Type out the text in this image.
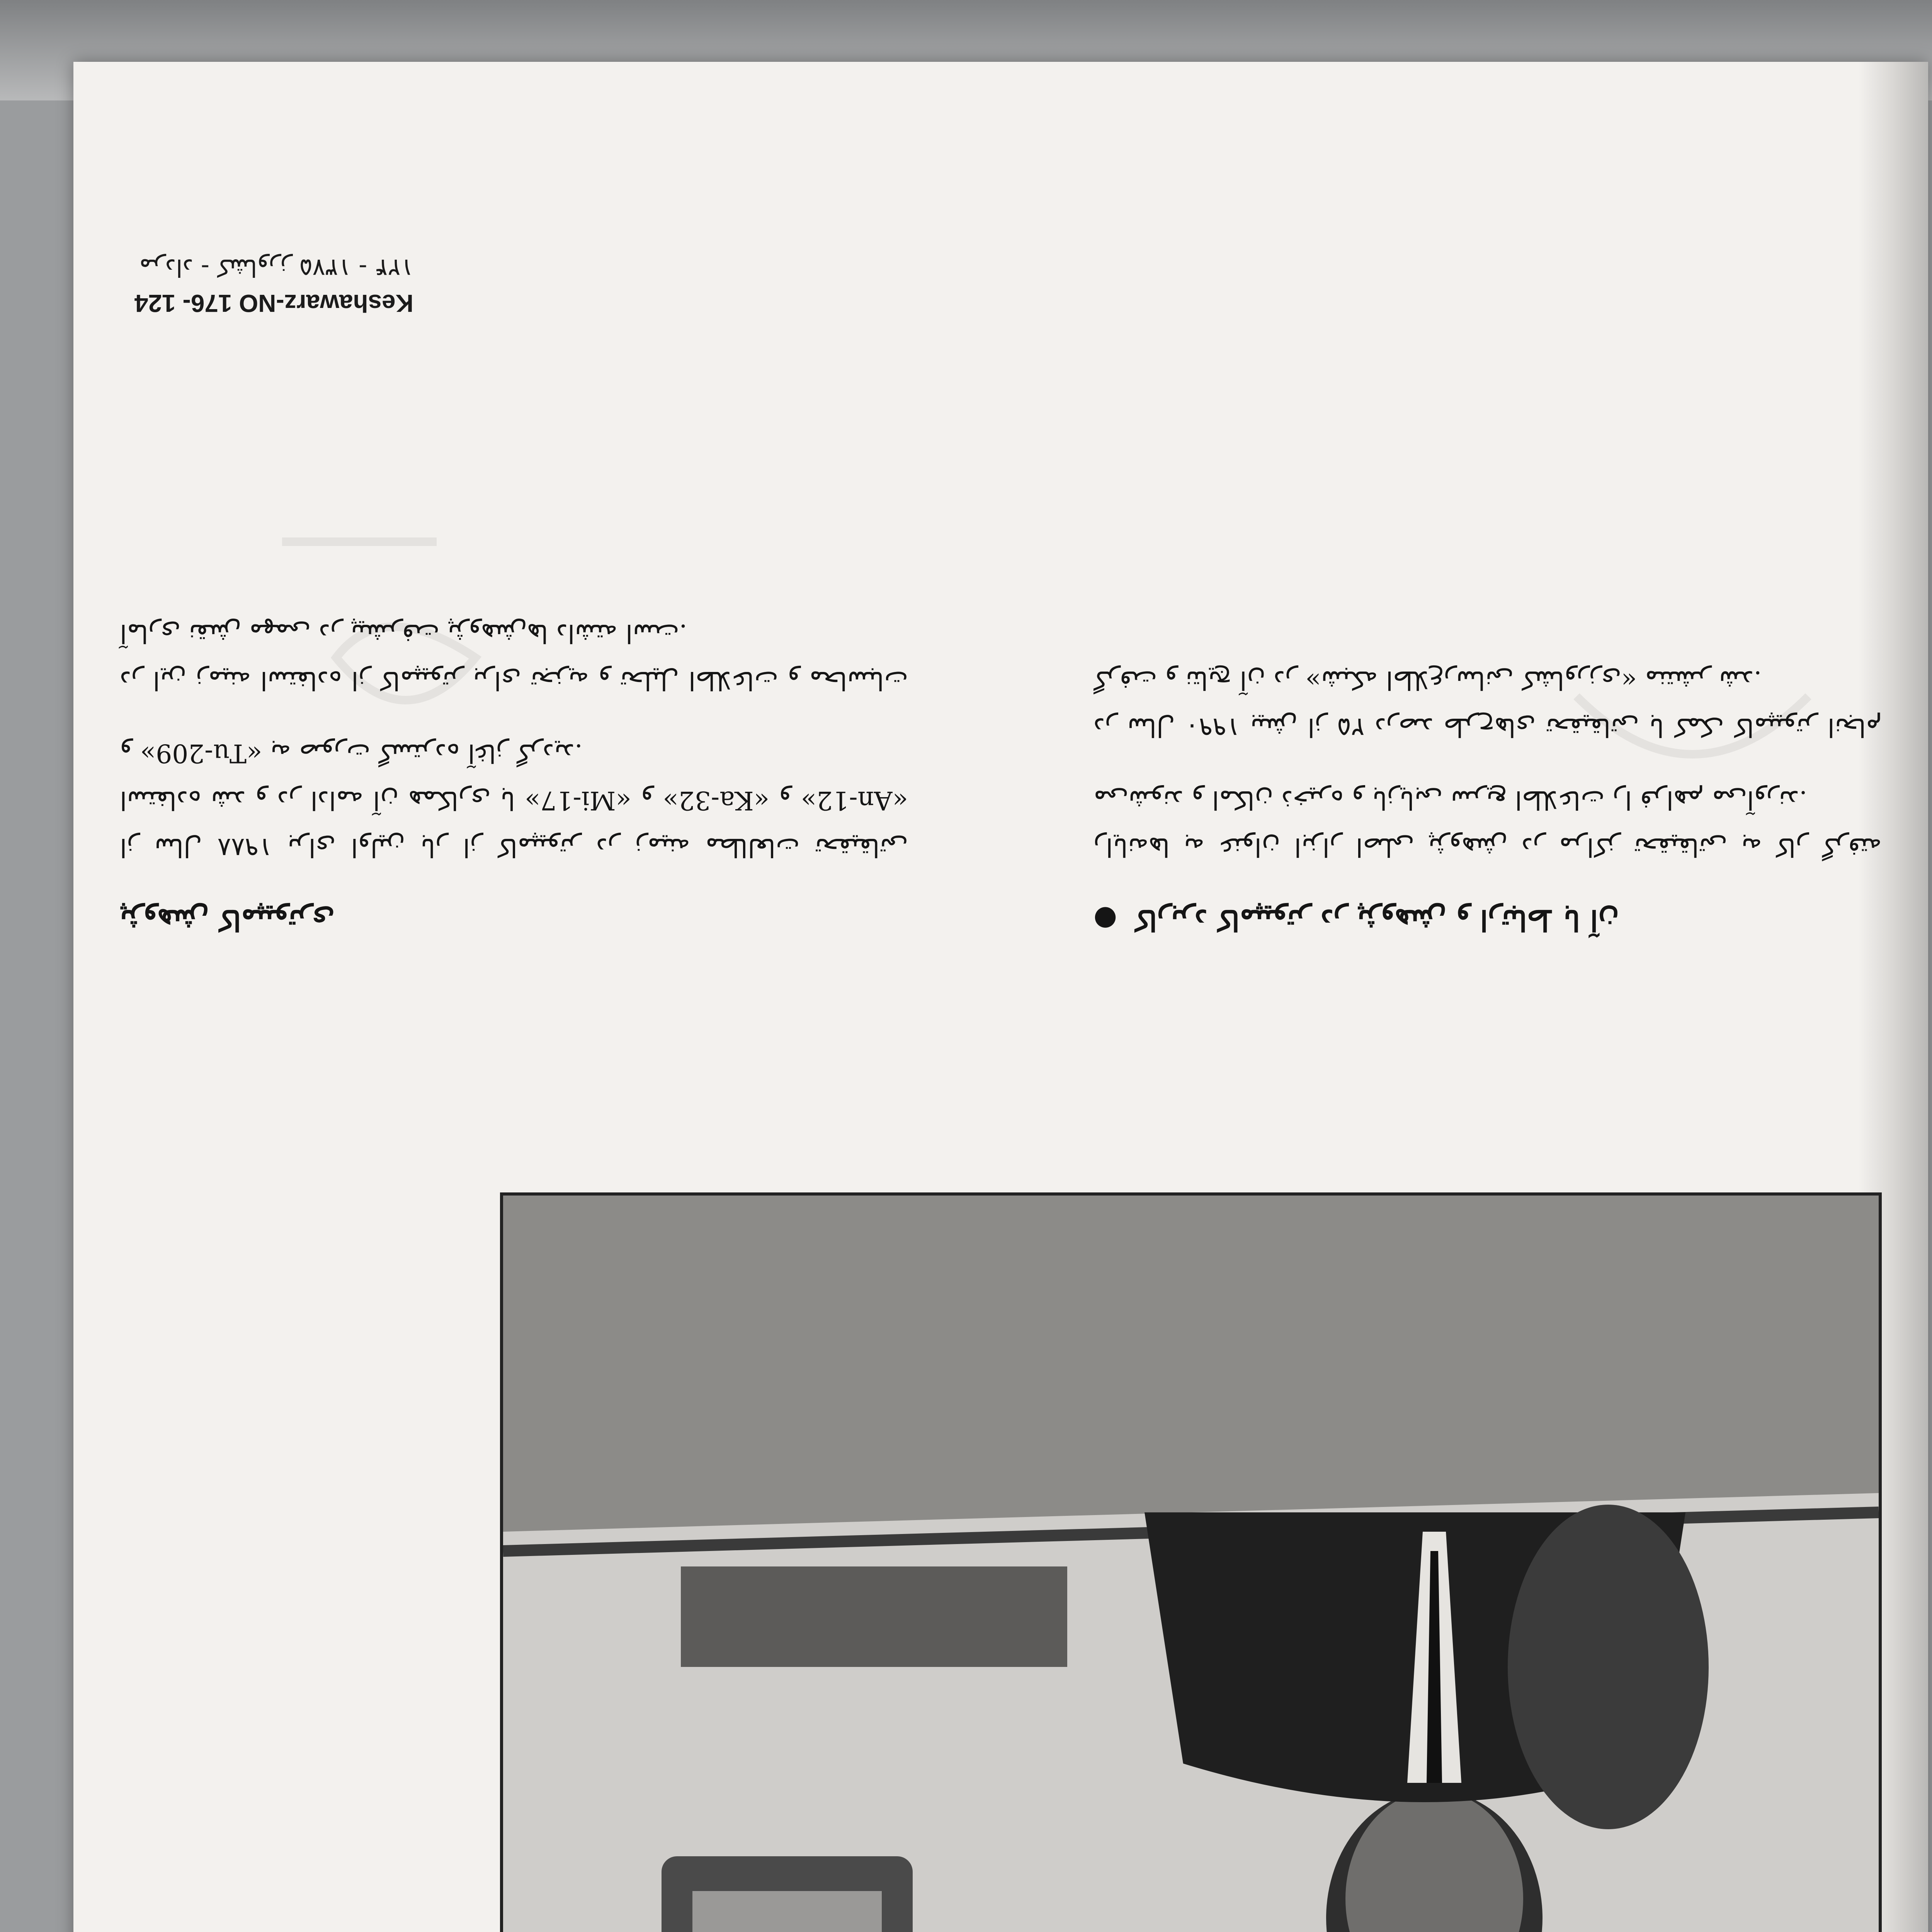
Keshawarz-NO 176- 124
۱۲۴ - ۱۳۷۵ مرداد - کشاورز
پژوهش کامپیوتری

از سال ۱۹۸۸ برای اولین بار از کامپیوتر در زمینه مطالعات تحقیقاتی استفاده شد و در ادامه آن همکاری با «Mi-17» و «Ka-32» و «An-12» و «Tu-209» به صورت گسترده آغاز گردید.

در این زمینه استفاده از کامپیوتر برای تجزیه و تحلیل اطلاعات و محاسبات آماری نقش مهمی در پیشرفت پژوهش‌ها داشته است.

● کاربرد کامپیوتر در پژوهش و ارتباط با آن

رایانه‌ها به عنوان ابزار اصلی پژوهش در مراکز تحقیقاتی به کار گرفته می‌شوند و امکان ذخیره و بازیابی سریع اطلاعات را فراهم می‌آورند.

در سال ۱۹۹۰ بیش از ۲۵ درصد طرح‌های تحقیقاتی با کمک کامپیوتر انجام گرفت و نتایج آن در «شبکه اطلاع‌رسانی کشاورزی» منتشر شد.
